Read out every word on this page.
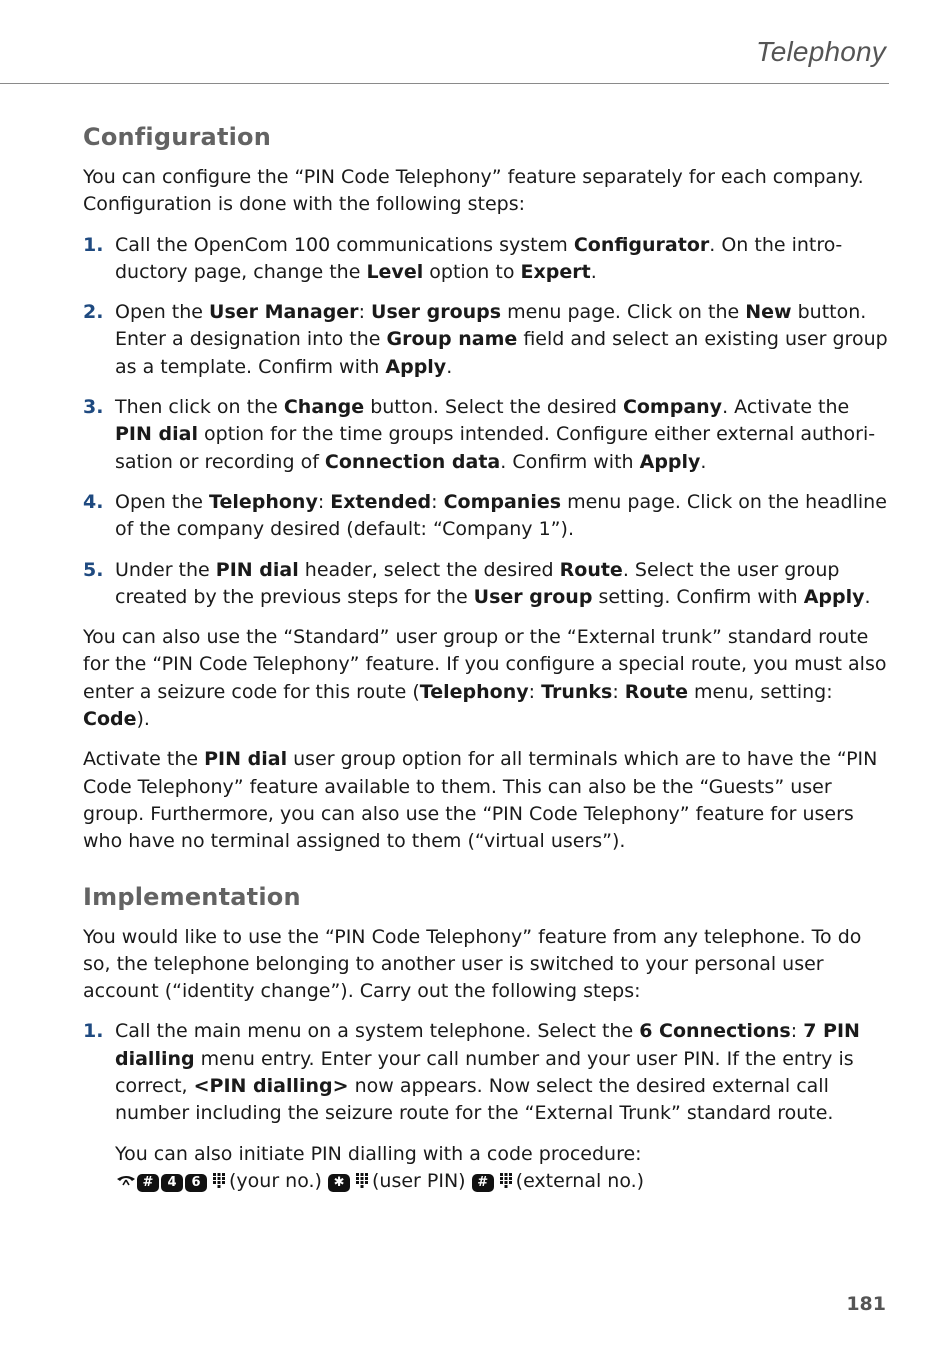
Telephony
Configuration

You can configure the “PIN Code Telephony” feature separately for each company. Configuration is done with the following steps:

1. Call the OpenCom 100 communications system Configurator. On the introductory page, change the Level option to Expert.
2. Open the User Manager: User groups menu page. Click on the New button. Enter a designation into the Group name field and select an existing user group as a template. Confirm with Apply.
3. Then click on the Change button. Select the desired Company. Activate the PIN dial option for the time groups intended. Configure either external authorisation or recording of Connection data. Confirm with Apply.
4. Open the Telephony: Extended: Companies menu page. Click on the headline of the company desired (default: “Company 1”).
5. Under the PIN dial header, select the desired Route. Select the user group created by the previous steps for the User group setting. Confirm with Apply.

You can also use the “Standard” user group or the “External trunk” standard route for the “PIN Code Telephony” feature. If you configure a special route, you must also enter a seizure code for this route (Telephony: Trunks: Route menu, setting: Code).

Activate the PIN dial user group option for all terminals which are to have the “PIN Code Telephony” feature available to them. This can also be the “Guests” user group. Furthermore, you can also use the “PIN Code Telephony” feature for users who have no terminal assigned to them (“virtual users”).

Implementation

You would like to use the “PIN Code Telephony” feature from any telephone. To do so, the telephone belonging to another user is switched to your personal user account (“identity change”). Carry out the following steps:

1. Call the main menu on a system telephone. Select the 6 Connections: 7 PIN dialling menu entry. Enter your call number and your user PIN. If the entry is correct, <PIN dialling> now appears. Now select the desired external call number including the seizure route for the “External Trunk” standard route.
You can also initiate PIN dialling with a code procedure:
# 4 6 (your no.) ✱ (user PIN) # (external no.)
181
